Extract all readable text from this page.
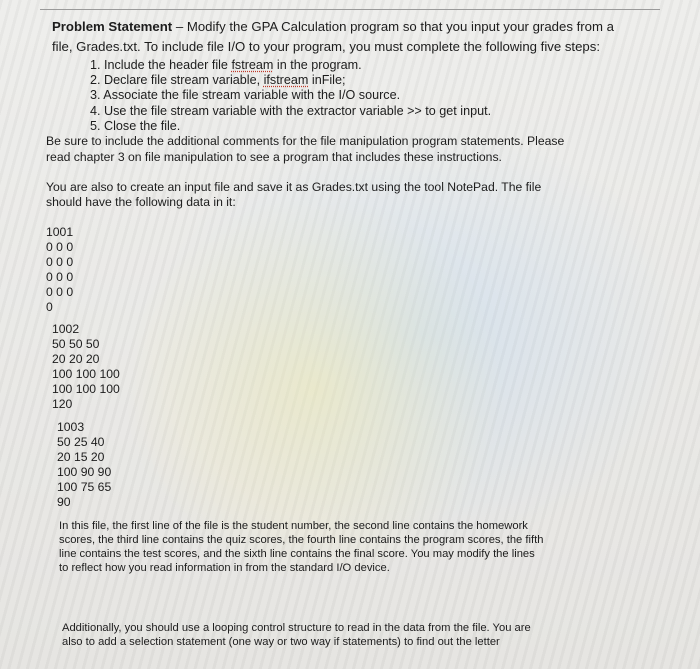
Problem Statement – Modify the GPA Calculation program so that you input your grades from a
file, Grades.txt. To include file I/O to your program, you must complete the following five steps:
1. Include the header file fstream in the program.
2. Declare file stream variable, ifstream inFile;
3. Associate the file stream variable with the I/O source.
4. Use the file stream variable with the extractor variable >> to get input.
5. Close the file.
Be sure to include the additional comments for the file manipulation program statements. Please
read chapter 3 on file manipulation to see a program that includes these instructions.
You are also to create an input file and save it as Grades.txt using the tool NotePad. The file
should have the following data in it:
1001
0 0 0
0 0 0
0 0 0
0 0 0
0
1002
50 50 50
20 20 20
100 100 100
100 100 100
120
1003
50 25 40
20 15 20
100 90 90
100 75 65
90
In this file, the first line of the file is the student number, the second line contains the homework
scores, the third line contains the quiz scores, the fourth line contains the program scores, the fifth
line contains the test scores, and the sixth line contains the final score. You may modify the lines
to reflect how you read information in from the standard I/O device.
Additionally, you should use a looping control structure to read in the data from the file. You are
also to add a selection statement (one way or two way if statements) to find out the letter
